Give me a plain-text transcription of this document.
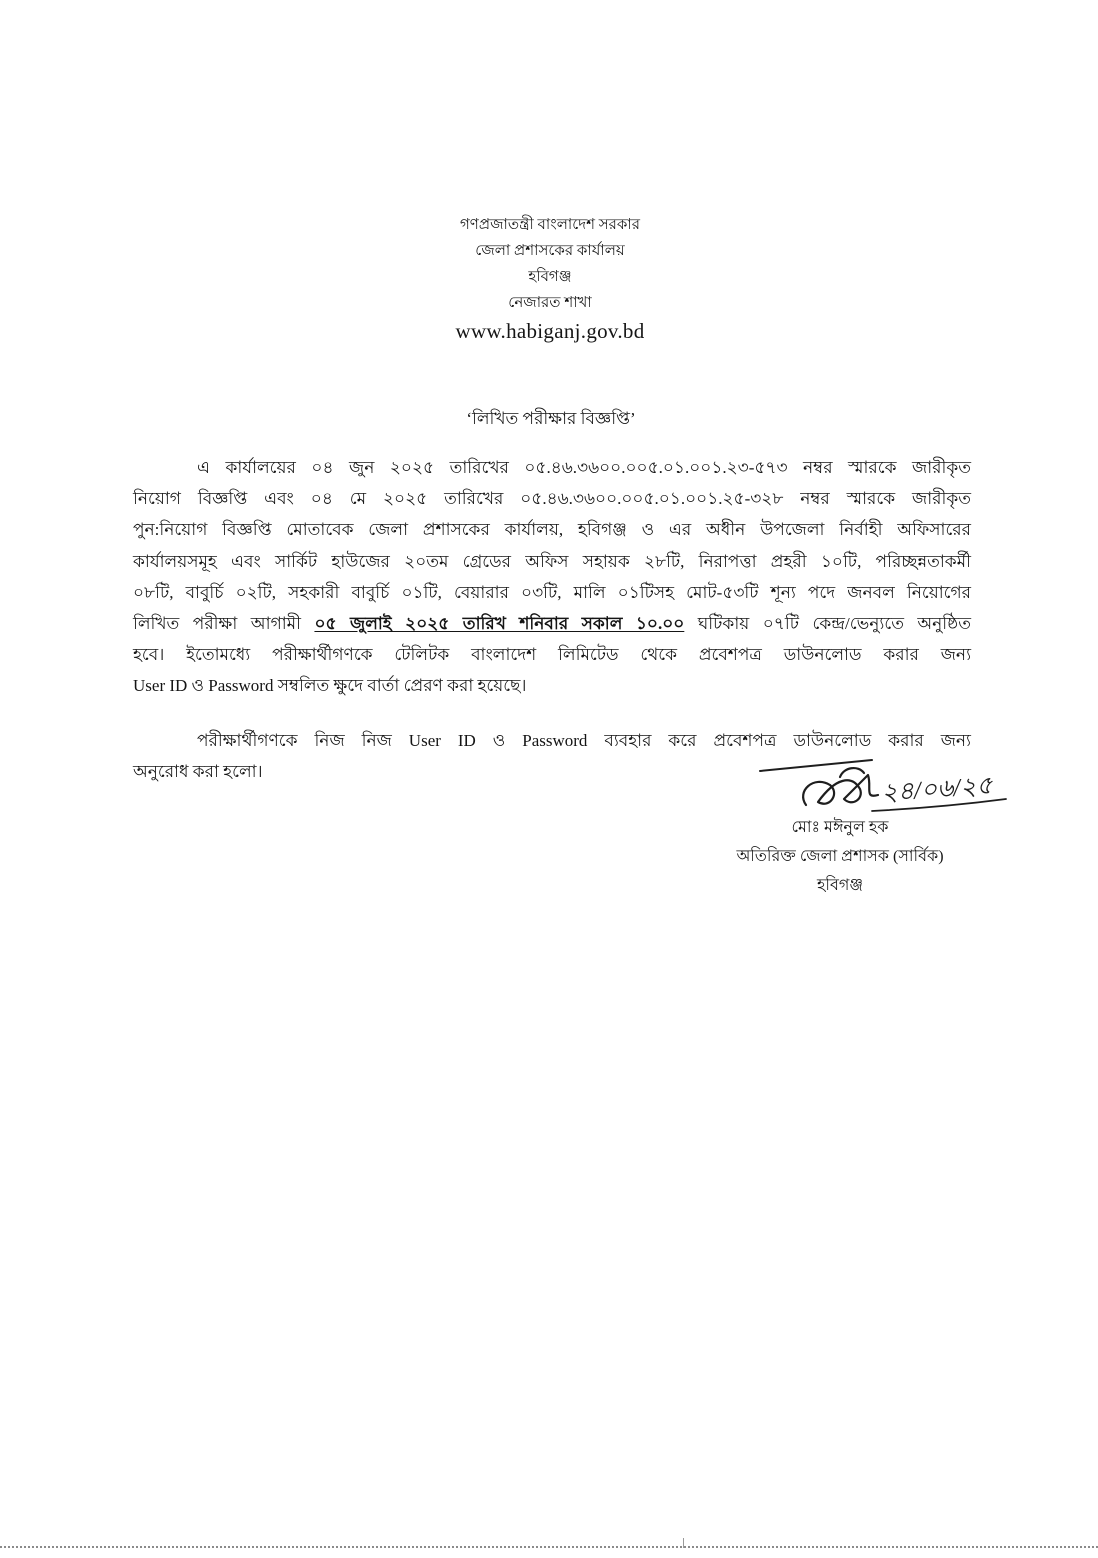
গণপ্রজাতন্ত্রী বাংলাদেশ সরকার
জেলা প্রশাসকের কার্যালয়
হবিগঞ্জ
নেজারত শাখা
www.habiganj.gov.bd
‘লিখিত পরীক্ষার বিজ্ঞপ্তি’
এ কার্যালয়ের ০৪ জুন ২০২৫ তারিখের ০৫.৪৬.৩৬০০.০০৫.০১.০০১.২৩-৫৭৩ নম্বর স্মারকে জারীকৃত
নিয়োগ বিজ্ঞপ্তি এবং ০৪ মে ২০২৫ তারিখের ০৫.৪৬.৩৬০০.০০৫.০১.০০১.২৫-৩২৮ নম্বর স্মারকে জারীকৃত
পুন:নিয়োগ বিজ্ঞপ্তি মোতাবেক জেলা প্রশাসকের কার্যালয়, হবিগঞ্জ ও এর অধীন উপজেলা নির্বাহী অফিসারের
কার্যালয়সমূহ এবং সার্কিট হাউজের ২০তম গ্রেডের অফিস সহায়ক ২৮টি, নিরাপত্তা প্রহরী ১০টি, পরিচ্ছন্নতাকর্মী
০৮টি, বাবুর্চি ০২টি, সহকারী বাবুর্চি ০১টি, বেয়ারার ০৩টি, মালি ০১টিসহ মোট-৫৩টি শূন্য পদে জনবল নিয়োগের
লিখিত পরীক্ষা আগামী ০৫ জুলাই ২০২৫ তারিখ শনিবার সকাল ১০.০০ ঘটিকায় ০৭টি কেন্দ্র/ভেন্যুতে অনুষ্ঠিত
হবে। ইতোমধ্যে পরীক্ষার্থীগণকে টেলিটক বাংলাদেশ লিমিটেড থেকে প্রবেশপত্র ডাউনলোড করার জন্য
User ID ও Password সম্বলিত ক্ষুদে বার্তা প্রেরণ করা হয়েছে।
পরীক্ষার্থীগণকে নিজ নিজ User ID ও Password ব্যবহার করে প্রবেশপত্র ডাউনলোড করার জন্য
অনুরোধ করা হলো।
২৪/০৬/২৫
মোঃ মঈনুল হক
অতিরিক্ত জেলা প্রশাসক (সার্বিক)
হবিগঞ্জ
